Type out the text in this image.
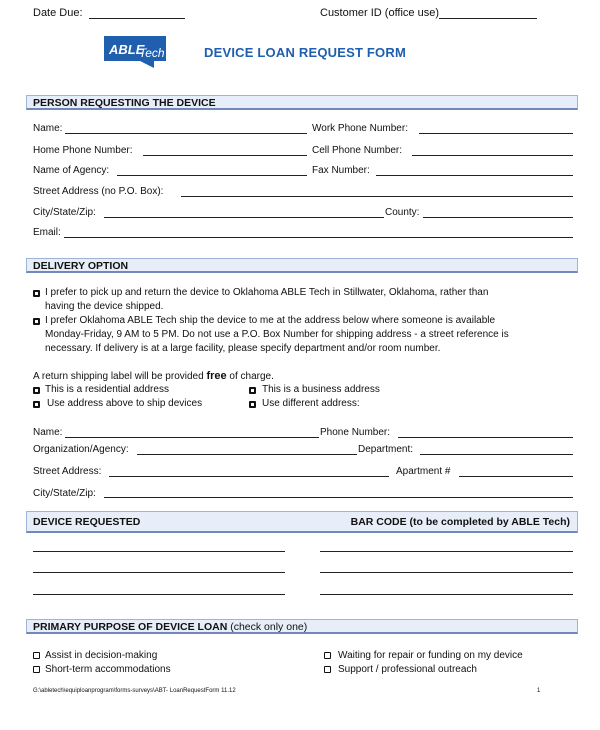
Date Due:	Customer ID (office use)
ABLE
Tech	DEVICE LOAN REQUEST FORM
PERSON REQUESTING THE DEVICE
Name:	Work Phone Number:
Home Phone Number:	Cell Phone Number:
Name of Agency:	Fax Number:
Street Address (no P.O. Box):
City/State/Zip:	County:
Email:
DELIVERY OPTION
I prefer to pick up and return the device to Oklahoma ABLE Tech in Stillwater, Oklahoma, rather than
having the device shipped.
I prefer Oklahoma ABLE Tech ship the device to me at the address below where someone is available
Monday-Friday, 9 AM to 5 PM. Do not use a P.O. Box Number for shipping address - a street reference is
necessary. If delivery is at a large facility, please specify department and/or room number.
A return shipping label will be provided free of charge.
This is a residential address	This is a business address
Use address above to ship devices	Use different address:
Name:	Phone Number:
Organization/Agency:	Department:
Street Address:	Apartment #
City/State/Zip:
DEVICE REQUESTED	BAR CODE (to be completed by ABLE Tech)
PRIMARY PURPOSE OF DEVICE LOAN (check only one)
Assist in decision-making	Waiting for repair or funding on my device
Short-term accommodations	Support / professional outreach
G:\abletech\equiploanprogram\forms-surveys\ABT- LoanRequestForm 11.12	1
